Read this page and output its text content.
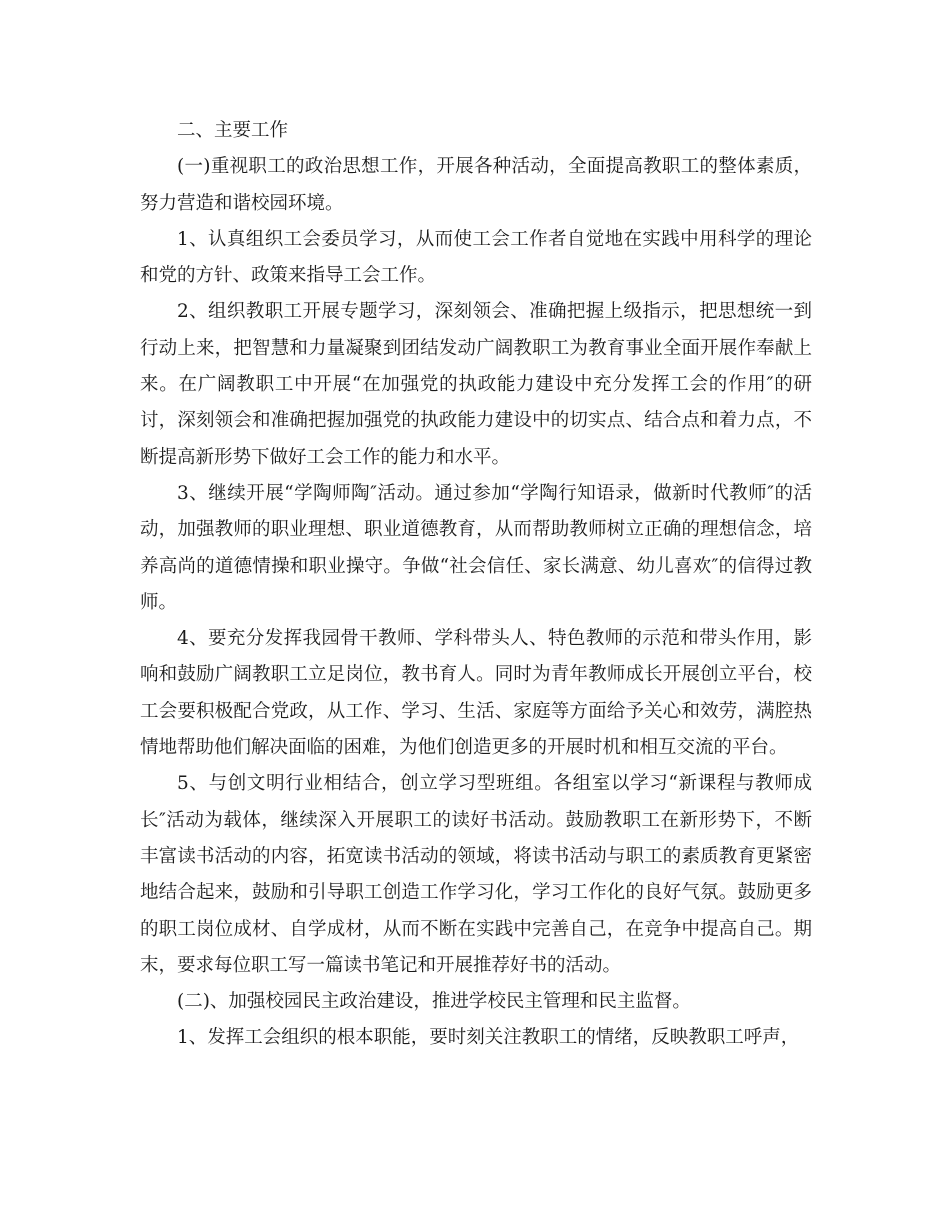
二、主要工作

(一)重视职工的政治思想工作，开展各种活动，全面提高教职工的整体素质，努力营造和谐校园环境。

1、认真组织工会委员学习，从而使工会工作者自觉地在实践中用科学的理论和党的方针、政策来指导工会工作。

2、组织教职工开展专题学习，深刻领会、准确把握上级指示，把思想统一到行动上来，把智慧和力量凝聚到团结发动广阔教职工为教育事业全面开展作奉献上来。在广阔教职工中开展“在加强党的执政能力建设中充分发挥工会的作用″的研讨，深刻领会和准确把握加强党的执政能力建设中的切实点、结合点和着力点，不断提高新形势下做好工会工作的能力和水平。

3、继续开展“学陶师陶″活动。通过参加“学陶行知语录，做新时代教师″的活动，加强教师的职业理想、职业道德教育，从而帮助教师树立正确的理想信念，培养高尚的道德情操和职业操守。争做“社会信任、家长满意、幼儿喜欢″的信得过教师。

4、要充分发挥我园骨干教师、学科带头人、特色教师的示范和带头作用，影响和鼓励广阔教职工立足岗位，教书育人。同时为青年教师成长开展创立平台，校工会要积极配合党政，从工作、学习、生活、家庭等方面给予关心和效劳，满腔热情地帮助他们解决面临的困难，为他们创造更多的开展时机和相互交流的平台。

5、与创文明行业相结合，创立学习型班组。各组室以学习“新课程与教师成长″活动为载体，继续深入开展职工的读好书活动。鼓励教职工在新形势下，不断丰富读书活动的内容，拓宽读书活动的领域，将读书活动与职工的素质教育更紧密地结合起来，鼓励和引导职工创造工作学习化，学习工作化的良好气氛。鼓励更多的职工岗位成材、自学成材，从而不断在实践中完善自己，在竞争中提高自己。期末，要求每位职工写一篇读书笔记和开展推荐好书的活动。

(二)、加强校园民主政治建设，推进学校民主管理和民主监督。

1、发挥工会组织的根本职能，要时刻关注教职工的情绪，反映教职工呼声，
